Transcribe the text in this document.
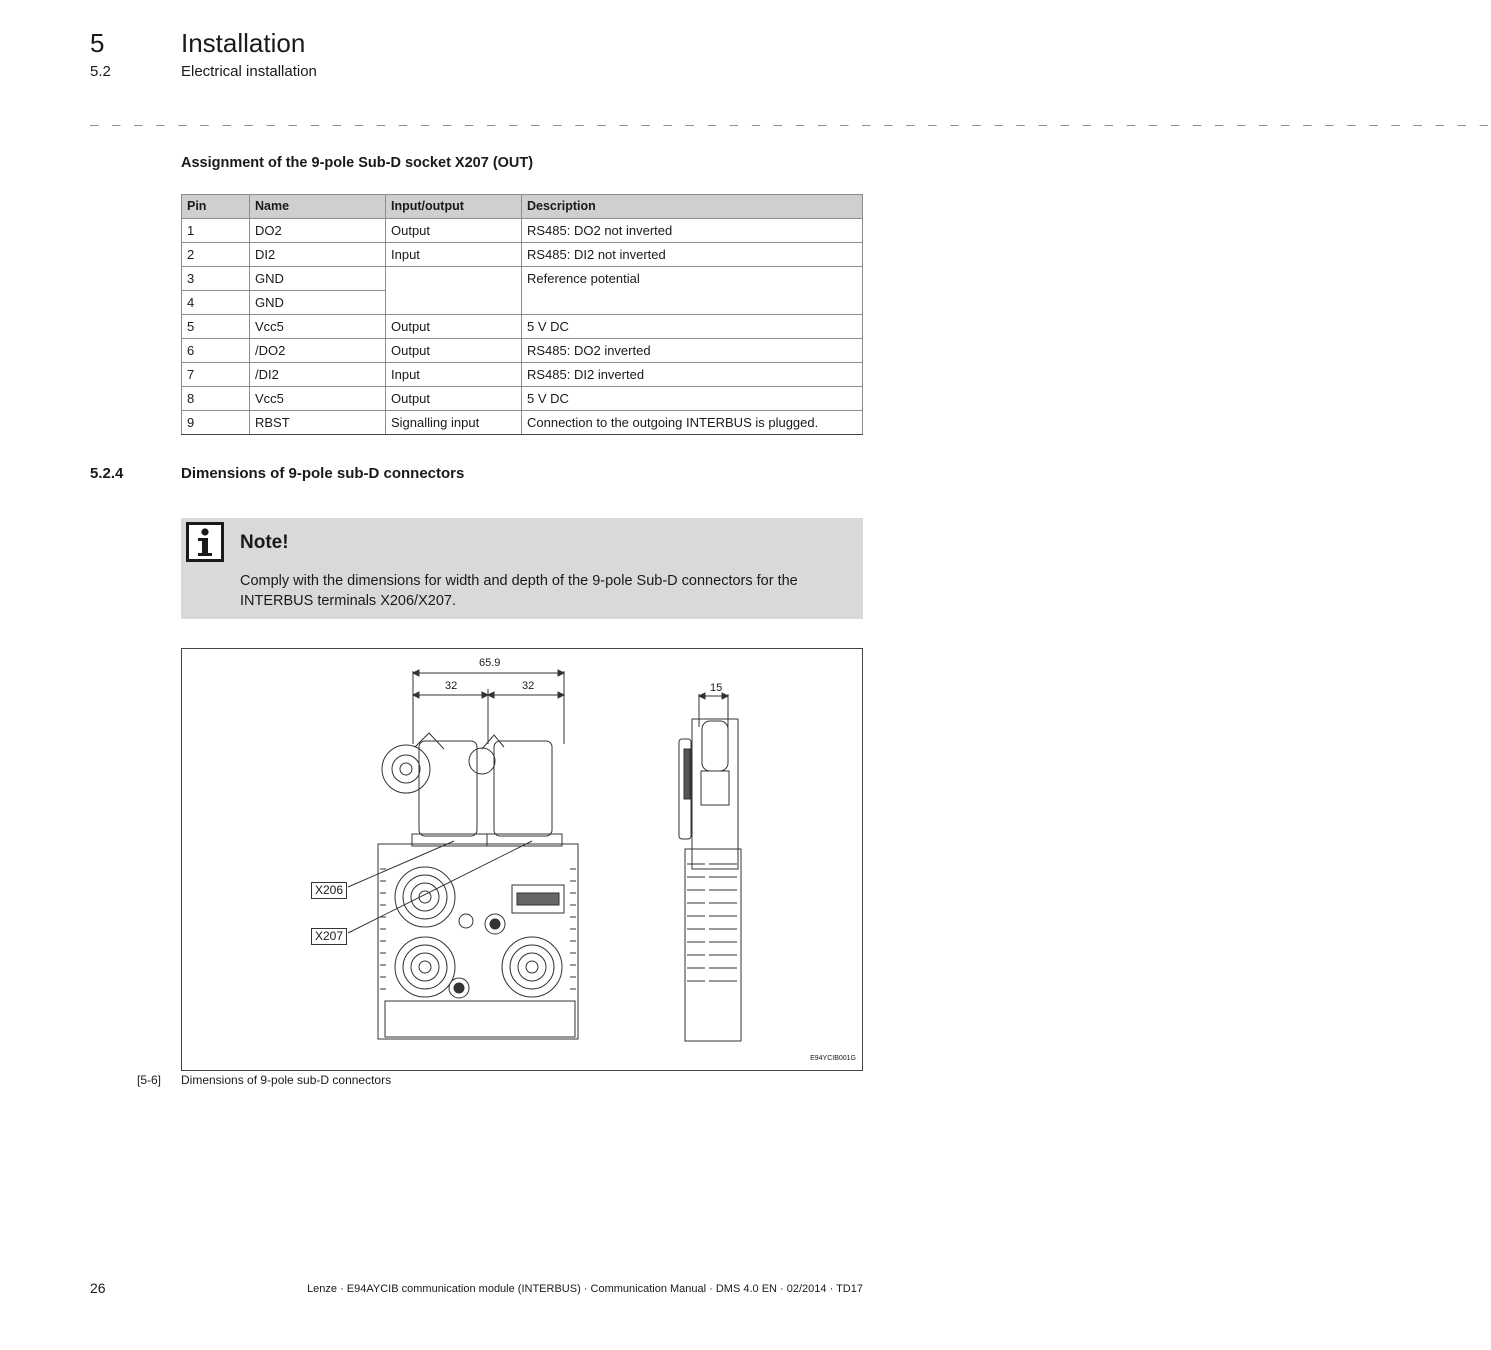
5	Installation
5.2	Electrical installation
_ _ _ _ _ _ _ _ _ _ _ _ _ _ _ _ _ _ _ _ _ _ _ _ _ _ _ _ _ _ _ _ _ _ _ _ _ _ _ _ _ _ _ _ _ _ _ _ _ _ _ _ _ _ _ _ _ _ _ _ _ _ _ _
Assignment of the 9-pole Sub-D socket X207 (OUT)
Pin	Name	Input/output	Description
1	DO2	Output	RS485: DO2 not inverted
2	DI2	Input	RS485: DI2 not inverted
3	GND		Reference potential
4	GND		
5	Vcc5	Output	5 V DC
6	/DO2	Output	RS485: DO2 inverted
7	/DI2	Input	RS485: DI2 inverted
8	Vcc5	Output	5 V DC
9	RBST	Signalling input	Connection to the outgoing INTERBUS is plugged.
5.2.4	Dimensions of 9-pole sub-D connectors
Note!
Comply with the dimensions for width and depth of the 9-pole Sub-D connectors for the INTERBUS terminals X206/X207.
65.9
32	32	15
X206
X207
E94YCIB001G
[5-6] Dimensions of 9-pole sub-D connectors
26	Lenze · E94AYCIB communication module (INTERBUS) · Communication Manual · DMS 4.0 EN · 02/2014 · TD17
